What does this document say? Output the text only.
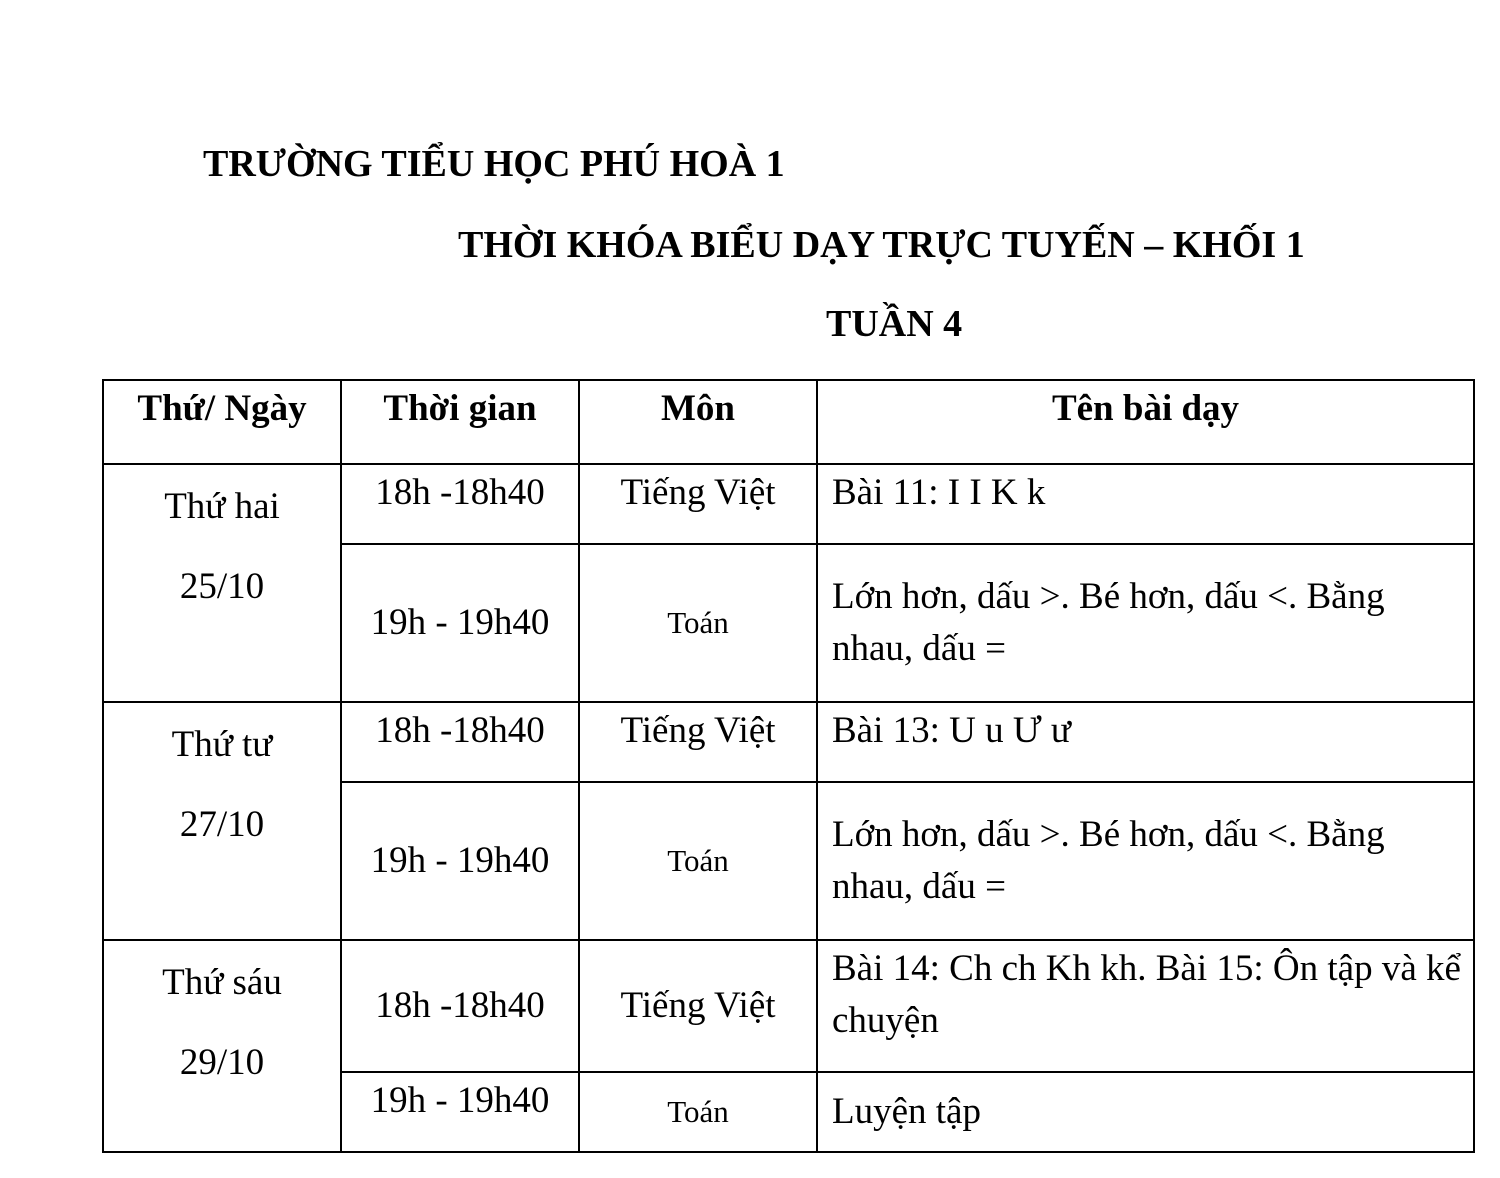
TRƯỜNG TIỂU HỌC PHÚ HOÀ 1

THỜI KHÓA BIỂU DẠY TRỰC TUYẾN – KHỐI 1

TUẦN 4

Thứ/ Ngày	Thời gian	Môn	Tên bài dạy

Thứ hai
25/10	18h -18h40	Tiếng Việt	Bài 11: I I K k
	19h - 19h40	Toán	Lớn hơn, dấu >. Bé hơn, dấu <. Bằng nhau, dấu =

Thứ tư
27/10	18h -18h40	Tiếng Việt	Bài 13: U u Ư ư
	19h - 19h40	Toán	Lớn hơn, dấu >. Bé hơn, dấu <. Bằng nhau, dấu =

Thứ sáu
29/10	18h -18h40	Tiếng Việt	Bài 14: Ch ch Kh kh. Bài 15: Ôn tập và kể chuyện
	19h - 19h40	Toán	Luyện tập
